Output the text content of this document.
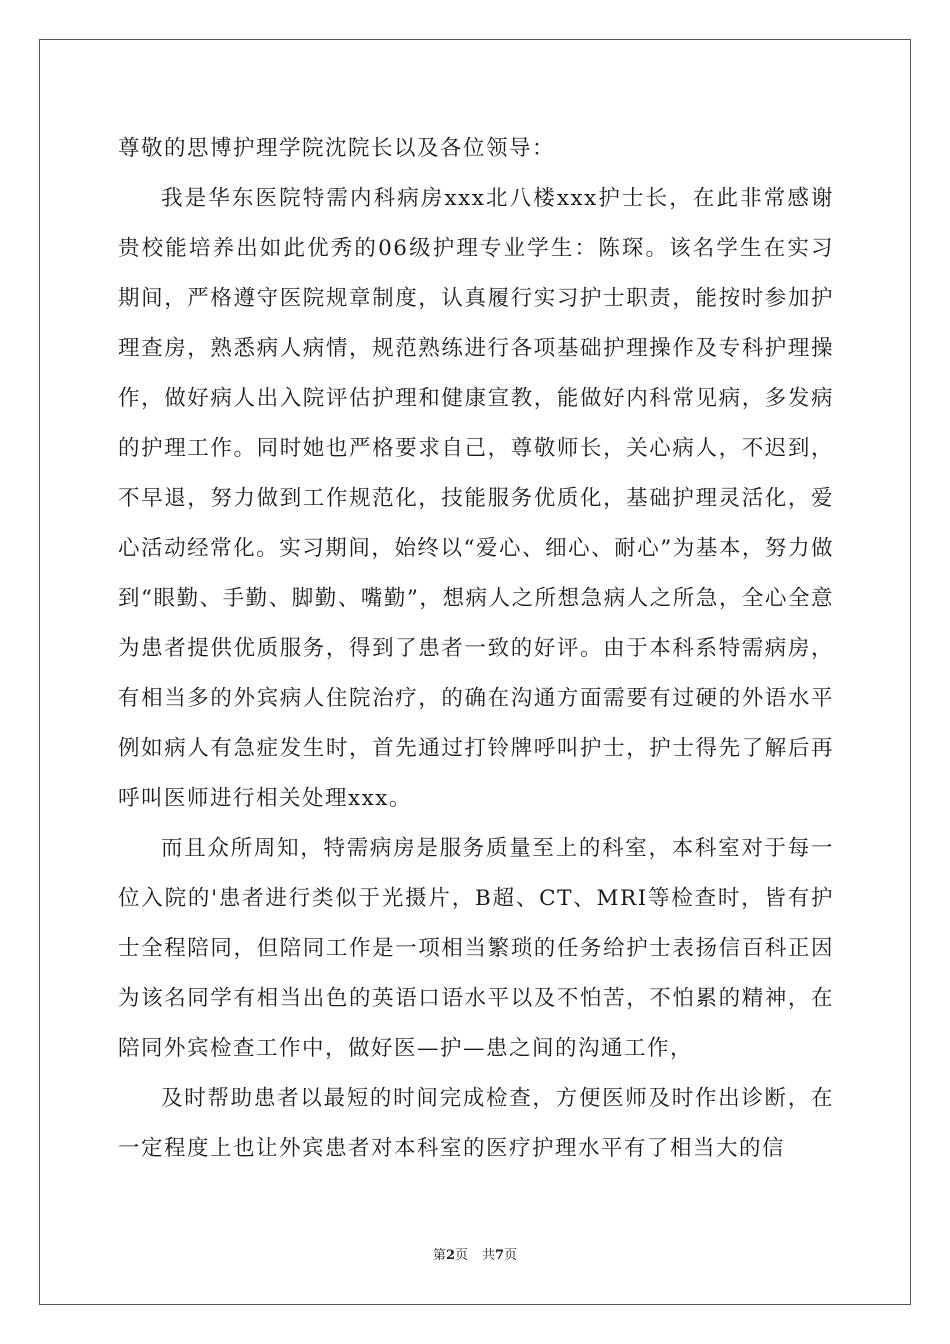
尊敬的思博护理学院沈院长以及各位领导：

我是华东医院特需内科病房xxx北八楼xxx护士长，在此非常感谢贵校能培养出如此优秀的06级护理专业学生：陈琛。该名学生在实习期间，严格遵守医院规章制度，认真履行实习护士职责，能按时参加护理查房，熟悉病人病情，规范熟练进行各项基础护理操作及专科护理操作，做好病人出入院评估护理和健康宣教，能做好内科常见病，多发病的护理工作。同时她也严格要求自己，尊敬师长，关心病人，不迟到，不早退，努力做到工作规范化，技能服务优质化，基础护理灵活化，爱心活动经常化。实习期间，始终以“爱心、细心、耐心”为基本，努力做到“眼勤、手勤、脚勤、嘴勤”，想病人之所想急病人之所急，全心全意为患者提供优质服务，得到了患者一致的好评。由于本科系特需病房，有相当多的外宾病人住院治疗，的确在沟通方面需要有过硬的外语水平例如病人有急症发生时，首先通过打铃牌呼叫护士，护士得先了解后再呼叫医师进行相关处理xxx。

而且众所周知，特需病房是服务质量至上的科室，本科室对于每一位入院的'患者进行类似于光摄片，B超、CT、MRI等检查时，皆有护士全程陪同，但陪同工作是一项相当繁琐的任务给护士表扬信百科正因为该名同学有相当出色的英语口语水平以及不怕苦，不怕累的精神，在陪同外宾检查工作中，做好医—护—患之间的沟通工作，

及时帮助患者以最短的时间完成检查，方便医师及时作出诊断，在一定程度上也让外宾患者对本科室的医疗护理水平有了相当大的信

第2页 共7页
